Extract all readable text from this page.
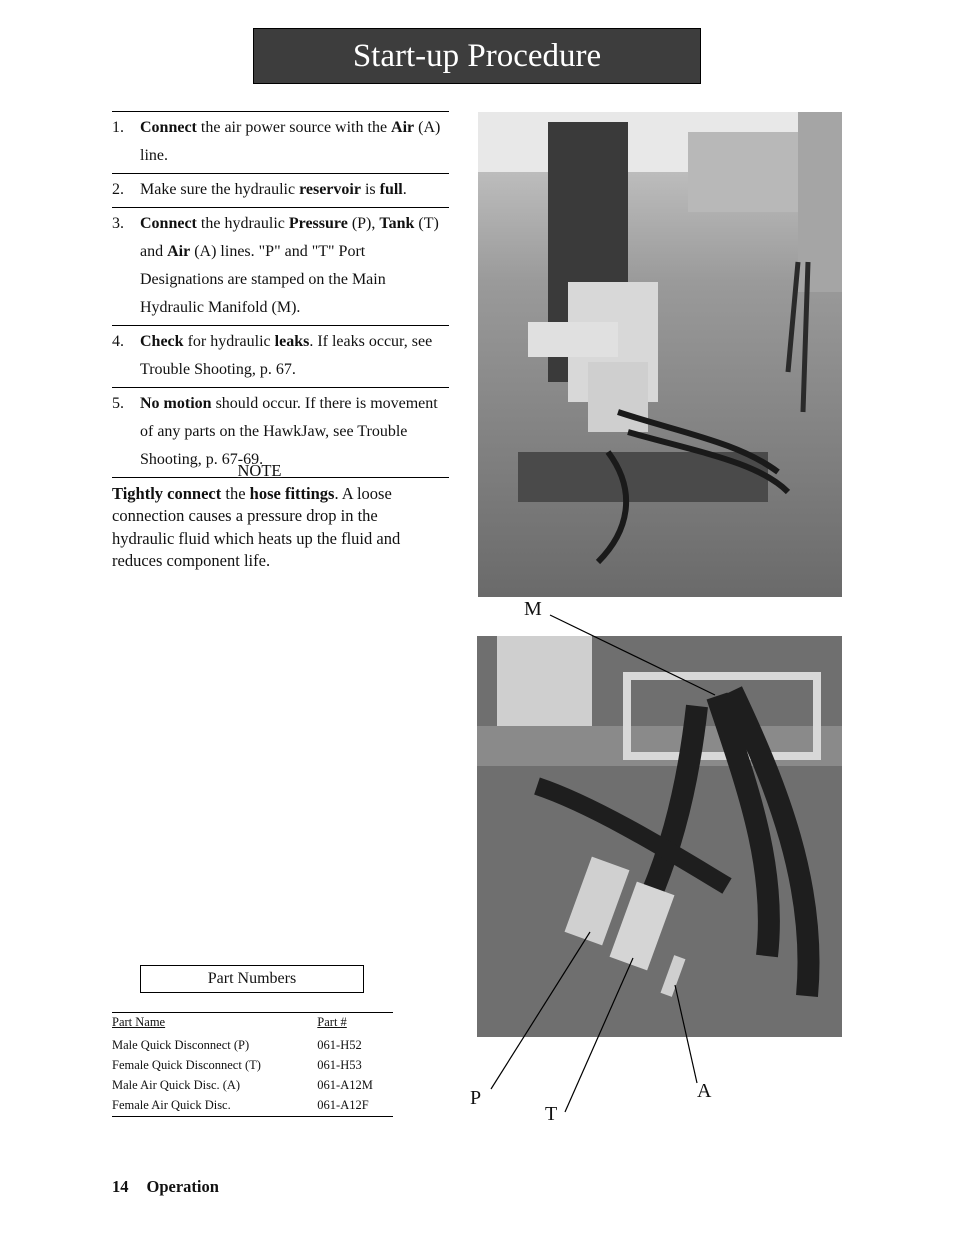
Start-up Procedure
1. Connect the air power source with the Air (A) line.
2. Make sure the hydraulic reservoir is full.
3. Connect the hydraulic Pressure (P), Tank (T) and Air (A) lines. "P" and "T" Port Designations are stamped on the Main Hydraulic Manifold (M).
4. Check for hydraulic leaks. If leaks occur, see Trouble Shooting, p. 67.
5. No motion should occur. If there is movement of any parts on the HawkJaw, see Trouble Shooting, p. 67-69.
NOTE
Tightly connect the hose fittings. A loose connection causes a pressure drop in the hydraulic fluid which heats up the fluid and reduces component life.
M
P
T
A
Part Numbers
Part Name	Part #
Male Quick Disconnect (P)	061-H52
Female Quick Disconnect (T)	061-H53
Male Air Quick Disc. (A)	061-A12M
Female Air Quick Disc.	061-A12F
14 Operation
